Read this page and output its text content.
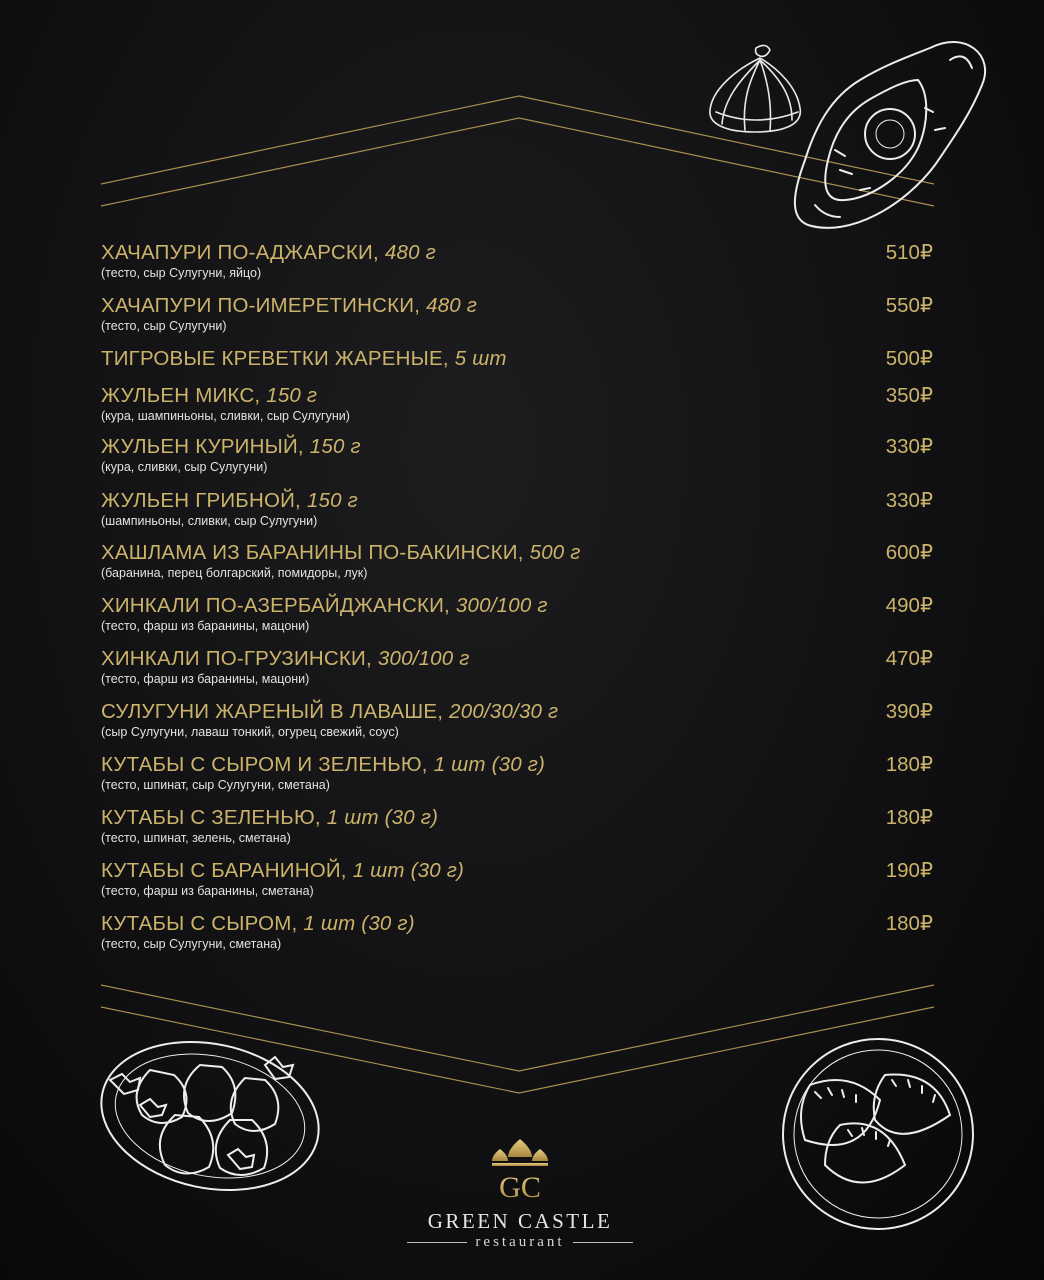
ХАЧАПУРИ ПО-АДЖАРСКИ, 480 г	510₽
(тесто, сыр Сулугуни, яйцо)
ХАЧАПУРИ ПО-ИМЕРЕТИНСКИ, 480 г	550₽
(тесто, сыр Сулугуни)
ТИГРОВЫЕ КРЕВЕТКИ ЖАРЕНЫЕ, 5 шт	500₽
ЖУЛЬЕН МИКС, 150 г	350₽
(кура, шампиньоны, сливки, сыр Сулугуни)
ЖУЛЬЕН КУРИНЫЙ, 150 г	330₽
(кура, сливки, сыр Сулугуни)
ЖУЛЬЕН ГРИБНОЙ, 150 г	330₽
(шампиньоны, сливки, сыр Сулугуни)
ХАШЛАМА ИЗ БАРАНИНЫ ПО-БАКИНСКИ, 500 г	600₽
(баранина, перец болгарский, помидоры, лук)
ХИНКАЛИ ПО-АЗЕРБАЙДЖАНСКИ, 300/100 г	490₽
(тесто, фарш из баранины, мацони)
ХИНКАЛИ ПО-ГРУЗИНСКИ, 300/100 г	470₽
(тесто, фарш из баранины, мацони)
СУЛУГУНИ ЖАРЕНЫЙ В ЛАВАШЕ, 200/30/30 г	390₽
(сыр Сулугуни, лаваш тонкий, огурец свежий, соус)
КУТАБЫ С СЫРОМ И ЗЕЛЕНЬЮ, 1 шт (30 г)	180₽
(тесто, шпинат, сыр Сулугуни, сметана)
КУТАБЫ С ЗЕЛЕНЬЮ, 1 шт (30 г)	180₽
(тесто, шпинат, зелень, сметана)
КУТАБЫ С БАРАНИНОЙ, 1 шт (30 г)	190₽
(тесто, фарш из баранины, сметана)
КУТАБЫ С СЫРОМ, 1 шт (30 г)	180₽
(тесто, сыр Сулугуни, сметана)
GC
GREEN CASTLE
restaurant
